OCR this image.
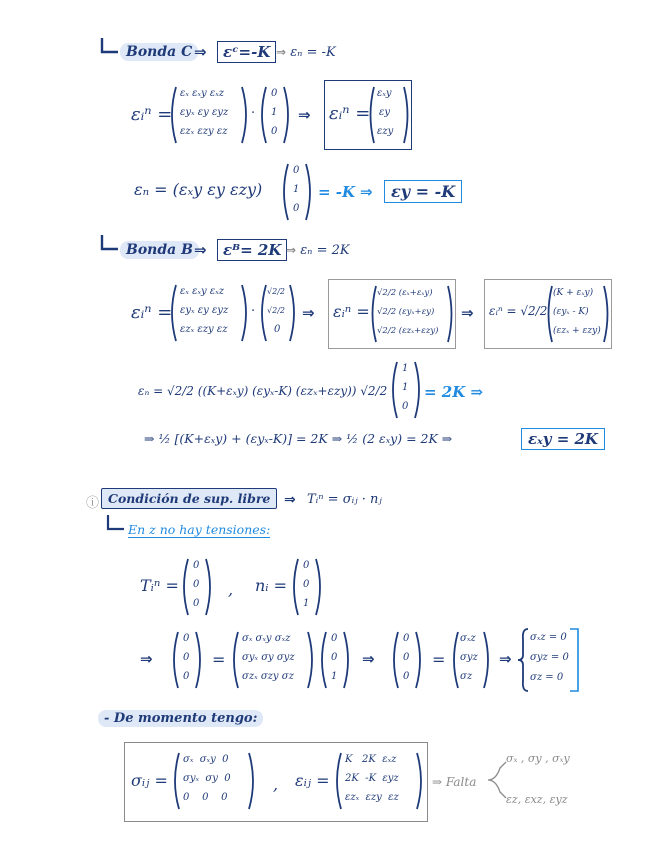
Bonda C ⇒	εᶜ=-K ⇒ εₙ = -K
εᵢⁿ =
εₓ εₓy εₓz
εyₓ εy εyz
εzₓ εzy εz
·
0
1
0
⇒ εᵢⁿ =
εₓy
εy
εzy
εₙ = (εₓy εy εzy)
0
1
0
= -K ⇒	εy = -K
Bonda B ⇒	εᴮ= 2K ⇒ εₙ = 2K
εᵢⁿ =
εₓ εₓy εₓz
εyₓ εy εyz
εzₓ εzy εz
·
√2/2
√2/2
0
⇒ εᵢⁿ =
√2/2 (εₓ+εₓy)
√2/2 (εyₓ+εy)
√2/2 (εzₓ+εzy)
⇒ εᵢⁿ = √2/2
(K + εₓy)
(εyₓ - K)
(εzₓ + εzy)
εₙ = √2/2 ((K+εₓy) (εyₓ-K) (εzₓ+εzy)) √2/2
1
1
0
= 2K ⇒
⇒ ½ [(K+εₓy) + (εyₓ-K)] = 2K ⇒ ½ (2 εₓy) = 2K ⇒	εₓy = 2K
ⓘ Condición de sup. libre ⇒ Tᵢⁿ = σᵢⱼ · nⱼ
En z no hay tensiones:
Tᵢⁿ =
0
0
0
, nᵢ =
0
0
1
⇒
0
0
0
=
σₓ σₓy σₓz
σyₓ σy σyz
σzₓ σzy σz
0
0
1
⇒
0
0
0
=
σₓz
σyz
σz
⇒
σₓz = 0
σyz = 0
σz = 0
- De momento tengo:
σᵢⱼ =
σₓ  σₓy  0
σyₓ  σy  0
0    0    0
, εᵢⱼ =
K   2K  εₓz
2K  -K  εyz
εzₓ  εzy  εz
⇒ Falta
σₓ , σy , σₓy
εz, εxz, εyz
